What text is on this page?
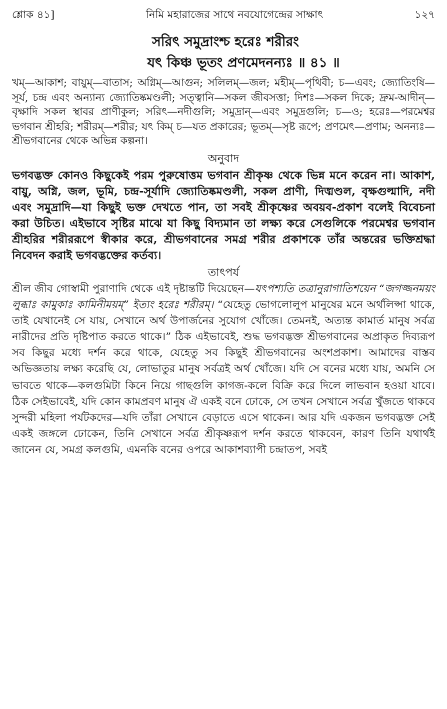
শ্লোক ৪১]	নিমি মহারাজের সাথে নবযোগেন্দ্রের সাক্ষাৎ	১২৭
সরিৎ সমুদ্রাংশ্চ হরেঃ শরীরং
যৎ কিঞ্চ ভূতং প্রণমেদনন্যঃ ॥ ৪১ ॥
খম্‌—আকাশ; বায়ুম্‌—বাতাস; অগ্নিম্‌—আগুন; সলিলম্‌—জল; মহীম্‌—পৃথিবী; চ—এবং; জ্যোতিংষি—সূর্য, চন্দ্র এবং অন্যান্য জ্যোতিষ্কমণ্ডলী; সত্ত্বানি—সকল জীবসত্তা; দিশঃ—সকল দিকে; দ্রুম-আদীন্‌—বৃক্ষাদি সকল স্থাবর প্রাণীকুল; সরিৎ—নদীগুলি; সমুদ্রান্‌—এবং সমুদ্রগুলি; চ—ও; হরেঃ—পরমেশ্বর ভগবান শ্রীহরি; শরীরম্‌—শরীর; যৎ কিম্‌ চ—যত প্রকারের; ভূতম্‌—সৃষ্ট রূপে; প্রণমেৎ—প্রণাম; অনন্যঃ—শ্রীভগবানের থেকে অভিন্ন কল্পনা।
অনুবাদ
ভগবদ্ভক্ত কোনও কিছুকেই পরম পুরুষোত্তম ভগবান শ্রীকৃষ্ণ থেকে ভিন্ন মনে করেন না। আকাশ, বায়ু, অগ্নি, জল, ভূমি, চন্দ্র-সূর্যাদি জ্যোতিষ্কমণ্ডলী, সকল প্রাণী, দিঙ্মণ্ডল, বৃক্ষগুল্মাদি, নদী এবং সমুদ্রাদি—যা কিছুই ভক্ত দেখতে পান, তা সবই শ্রীকৃষ্ণের অবয়ব-প্রকাশ বলেই বিবেচনা করা উচিত। এইভাবে সৃষ্টির মাঝে যা কিছু বিদ্যমান তা লক্ষ্য করে সেগুলিকে পরমেশ্বর ভগবান শ্রীহরির শরীররূপে স্বীকার করে, শ্রীভগবানের সমগ্র শরীর প্রকাশকে তাঁর অন্তরের ভক্তিশ্রদ্ধা নিবেদন করাই ভগবদ্ভক্তের কর্তব্য।
তাৎপর্য
শ্রীল জীব গোস্বামী পুরাণাদি থেকে এই দৃষ্টান্তটি দিয়েছেন—যৎপশ্যতি তত্রানুরাগাতিশয়েন “জগজ্জনময়ং লুব্ধাঃ কামুকাঃ কামিনীময়ম্‌” ইত্যং হরেঃ শরীরম্‌। “যেহেতু ভোগলোলুপ মানুষের মনে অর্থলিপ্সা থাকে, তাই যেখানেই সে যায়, সেখানে অর্থ উপার্জনের সুযোগ খোঁজে। তেমনই, অত্যন্ত কামার্ত মানুষ সর্বত্র নারীদের প্রতি দৃষ্টিপাত করতে থাকে।” ঠিক এইভাবেই, শুদ্ধ ভগবদ্ভক্ত শ্রীভগবানের অপ্রাকৃত দিব্যরূপ সব কিছুর মধ্যে দর্শন করে থাকে, যেহেতু সব কিছুই শ্রীভগবানের অংশপ্রকাশ। আমাদের বাস্তব অভিজ্ঞতায় লক্ষ্য করেছি যে, লোভাতুর মানুষ সর্বত্রই অর্থ খোঁজে। যদি সে বনের মধ্যে যায়, অমনি সে ভাবতে থাকে—কলগুমিটা কিনে নিয়ে গাছগুলি কাগজ-কলে বিক্রি করে দিলে লাভবান হওয়া যাবে। ঠিক সেইভাবেই, যদি কোন কামপ্রবণ মানুষ ঐ একই বনে ঢোকে, সে তখন সেখানে সর্বত্র খুঁজতে থাকবে সুন্দরী মহিলা পর্যটকদের—যদি তাঁরা সেখানে বেড়াতে এসে থাকেন। আর যদি একজন ভগবদ্ভক্ত সেই একই জঙ্গলে ঢোকেন, তিনি সেখানে সর্বত্র শ্রীকৃষ্ণরূপ দর্শন করতে থাকবেন, কারণ তিনি যথার্থই জানেন যে, সমগ্র কলগুমি, এমনকি বনের ওপরে আকাশব্যাপী চন্দ্রাতপ, সবই
